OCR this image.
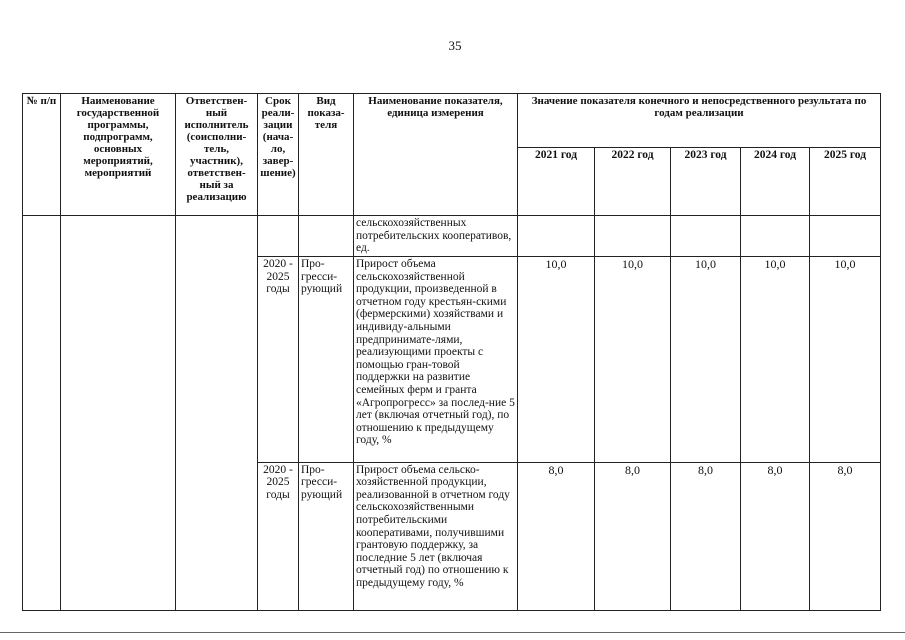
35
№ п/п	Наименование государственной программы, подпрограмм, основных мероприятий, мероприятий	Ответствен-ный исполнитель (соисполни-тель, участник), ответствен-ный за реализацию	Срок реали-зации (нача-ло, завер-шение)	Вид показа-теля	Наименование показателя, единица измерения	Значение показателя конечного и непосредственного результата по годам реализации				
						2021 год	2022 год	2023 год	2024 год	2025 год
					сельскохозяйственных потребительских кооперативов, ед.					
			2020 - 2025 годы	Про-гресси-рующий	Прирост объема сельскохозяйственной продукции, произведенной в отчетном году крестьян-скими (фермерскими) хозяйствами и индивиду-альными предпринимате-лями, реализующими проекты с помощью гран-товой поддержки на развитие семейных ферм и гранта «Агропрогресс» за послед-ние 5 лет (включая отчетный год), по отношению к предыдущему году, %	10,0	10,0	10,0	10,0	10,0
			2020 - 2025 годы	Про-гресси-рующий	Прирост объема сельско-хозяйственной продукции, реализованной в отчетном году сельскохозяйственными потребительскими кооперативами, получившими грантовую поддержку, за последние 5 лет (включая отчетный год) по отношению к предыдущему году, %	8,0	8,0	8,0	8,0	8,0
